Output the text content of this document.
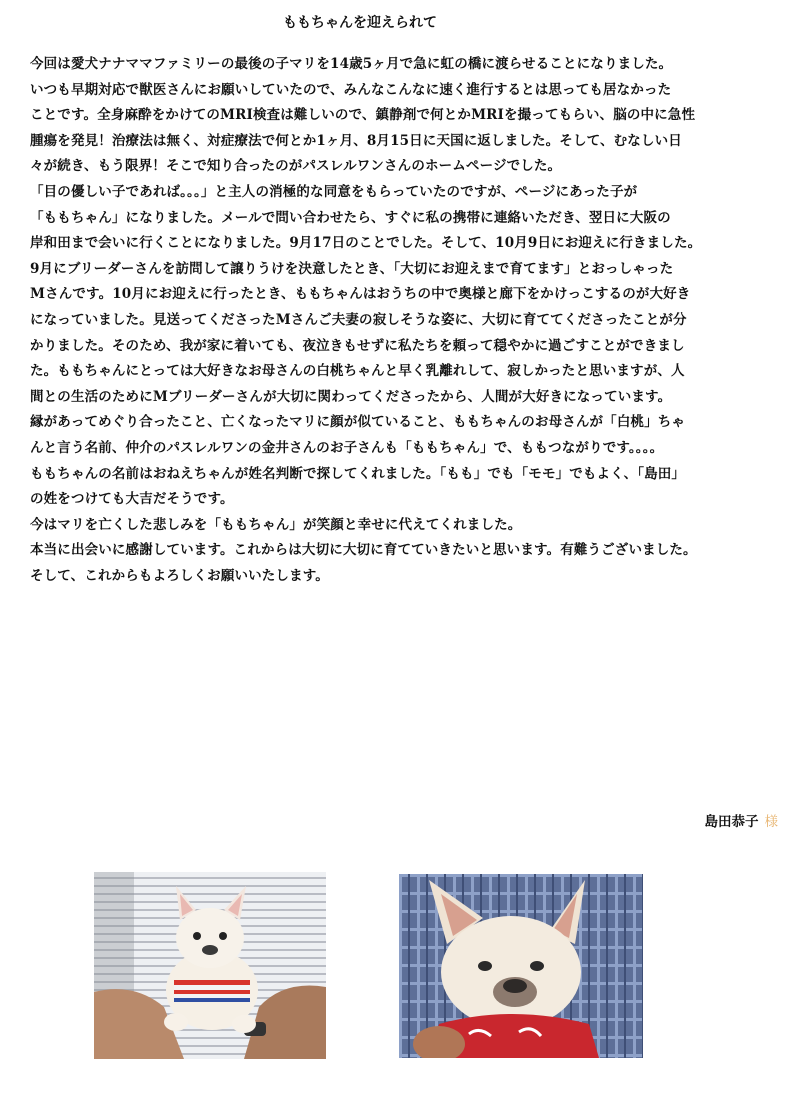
ももちゃんを迎えられて
今回は愛犬ナナママファミリーの最後の子マリを14歳5ヶ月で急に虹の橋に渡らせることになりました。
いつも早期対応で獣医さんにお願いしていたので、みんなこんなに速く進行するとは思っても居なかった
ことです。全身麻酔をかけてのMRI検査は難しいので、鎮静剤で何とかMRIを撮ってもらい、脳の中に急性
腫瘍を発見！治療法は無く、対症療法で何とか1ヶ月、8月15日に天国に返しました。そして、むなしい日
々が続き、もう限界！そこで知り合ったのがパスレルワンさんのホームページでした。
「目の優しい子であれば。。。」と主人の消極的な同意をもらっていたのですが、ページにあった子が
「ももちゃん」になりました。メールで問い合わせたら、すぐに私の携帯に連絡いただき、翌日に大阪の
岸和田まで会いに行くことになりました。9月17日のことでした。そして、10月9日にお迎えに行きました。
9月にブリーダーさんを訪問して譲りうけを決意したとき、「大切にお迎えまで育てます」とおっしゃった
Mさんです。10月にお迎えに行ったとき、ももちゃんはおうちの中で奥様と廊下をかけっこするのが大好き
になっていました。見送ってくださったMさんご夫妻の寂しそうな姿に、大切に育ててくださったことが分
かりました。そのため、我が家に着いても、夜泣きもせずに私たちを頼って穏やかに過ごすことができまし
た。ももちゃんにとっては大好きなお母さんの白桃ちゃんと早く乳離れして、寂しかったと思いますが、人
間との生活のためにMブリーダーさんが大切に関わってくださったから、人間が大好きになっています。
縁があってめぐり合ったこと、亡くなったマリに顔が似ていること、ももちゃんのお母さんが「白桃」ちゃ
んと言う名前、仲介のパスレルワンの金井さんのお子さんも「ももちゃん」で、ももつながりです。。。。
ももちゃんの名前はおねえちゃんが姓名判断で探してくれました。「もも」でも「モモ」でもよく、「島田」
の姓をつけても大吉だそうです。
今はマリを亡くした悲しみを「ももちゃん」が笑顔と幸せに代えてくれました。
本当に出会いに感謝しています。これからは大切に大切に育てていきたいと思います。有難うございました。
そして、これからもよろしくお願いいたします。
島田恭子 様
